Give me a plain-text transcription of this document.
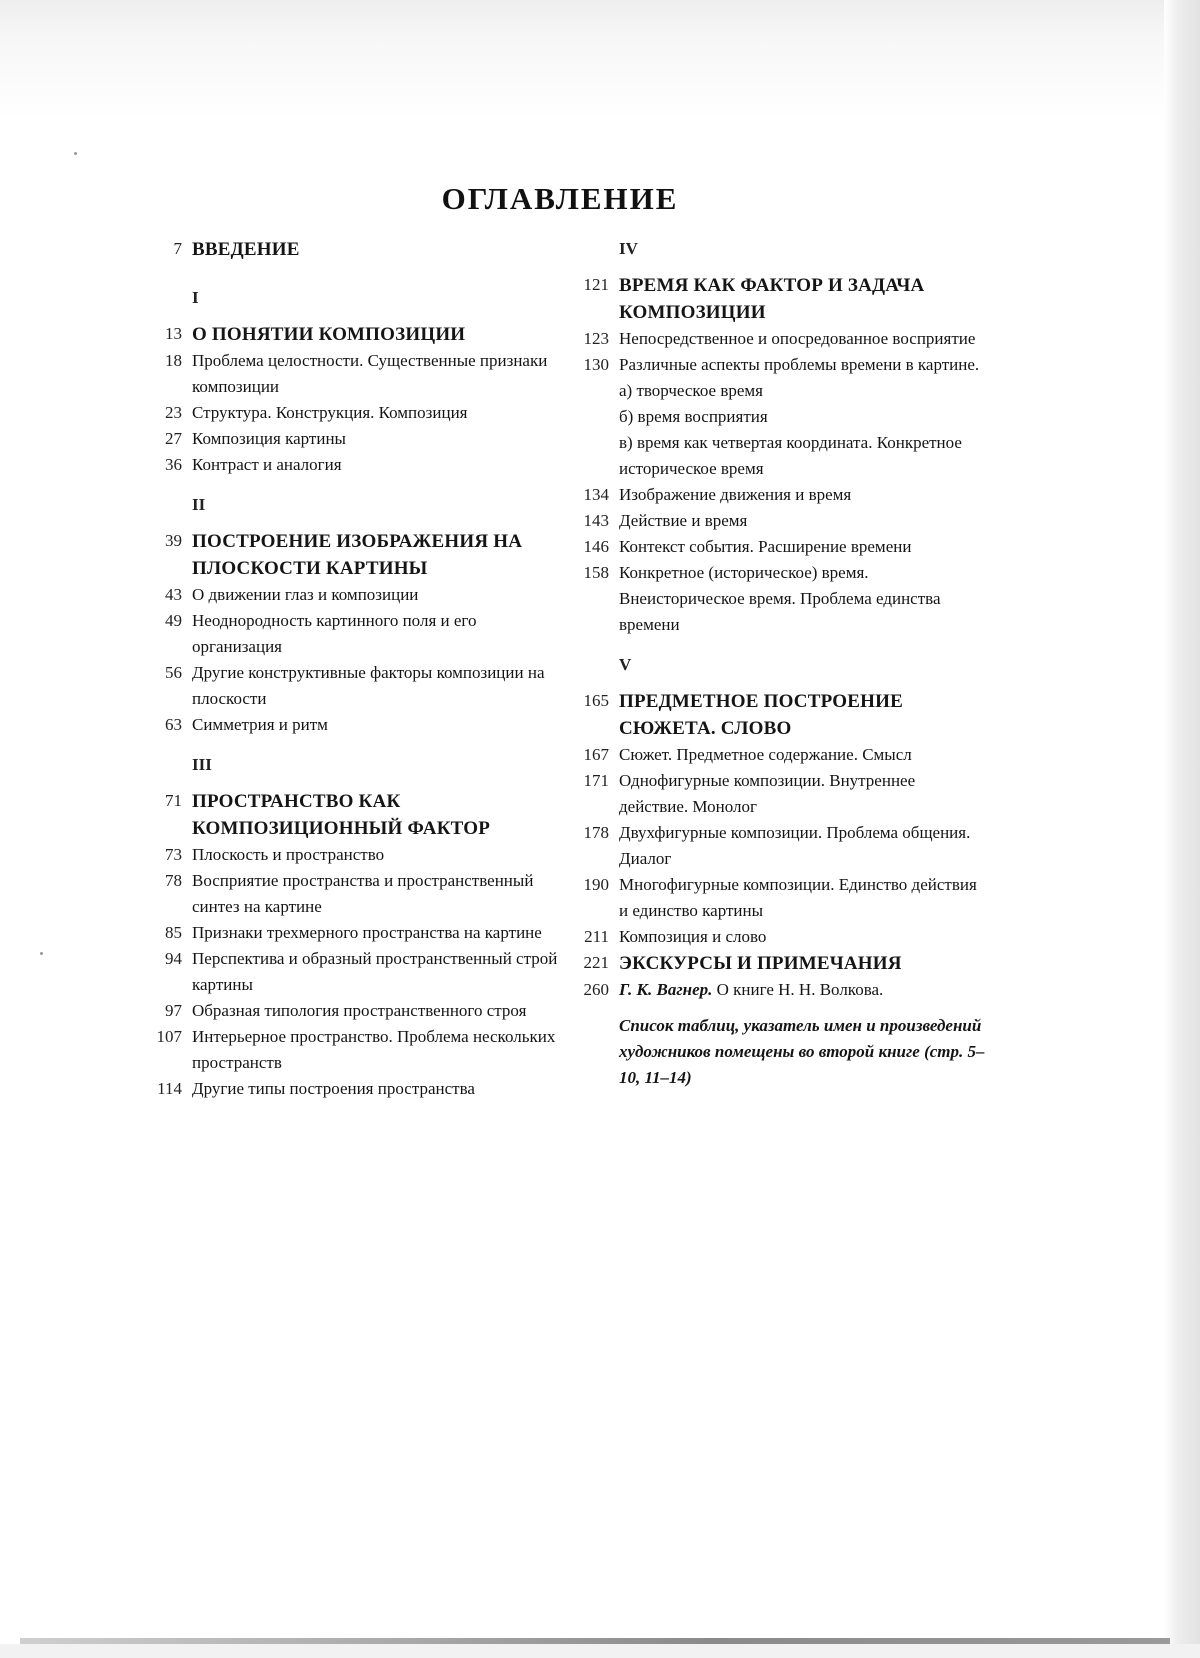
ОГЛАВЛЕНИЕ
7 ВВЕДЕНИЕ
I
13 О ПОНЯТИИ КОМПОЗИЦИИ
18 Проблема целостности. Существенные признаки композиции
23 Структура. Конструкция. Композиция
27 Композиция картины
36 Контраст и аналогия
II
39 ПОСТРОЕНИЕ ИЗОБРАЖЕНИЯ НА ПЛОСКОСТИ КАРТИНЫ
43 О движении глаз и композиции
49 Неоднородность картинного поля и его организация
56 Другие конструктивные факторы композиции на плоскости
63 Симметрия и ритм
III
71 ПРОСТРАНСТВО КАК КОМПОЗИЦИОННЫЙ ФАКТОР
73 Плоскость и пространство
78 Восприятие пространства и пространственный синтез на картине
85 Признаки трехмерного пространства на картине
94 Перспектива и образный пространственный строй картины
97 Образная типология пространственного строя
107 Интерьерное пространство. Проблема нескольких пространств
114 Другие типы построения пространства
IV
121 ВРЕМЯ КАК ФАКТОР И ЗАДАЧА КОМПОЗИЦИИ
123 Непосредственное и опосредованное восприятие
130 Различные аспекты проблемы времени в картине.
а) творческое время
б) время восприятия
в) время как четвертая координата. Конкретное историческое время
134 Изображение движения и время
143 Действие и время
146 Контекст события. Расширение времени
158 Конкретное (историческое) время. Внеисторическое время. Проблема единства времени
V
165 ПРЕДМЕТНОЕ ПОСТРОЕНИЕ СЮЖЕТА. СЛОВО
167 Сюжет. Предметное содержание. Смысл
171 Однофигурные композиции. Внутреннее действие. Монолог
178 Двухфигурные композиции. Проблема общения. Диалог
190 Многофигурные композиции. Единство действия и единство картины
211 Композиция и слово
221 ЭКСКУРСЫ И ПРИМЕЧАНИЯ
260 Г. К. Вагнер. О книге Н. Н. Волкова.
Список таблиц, указатель имен и произведений художников помещены во второй книге (стр. 5–10, 11–14)
